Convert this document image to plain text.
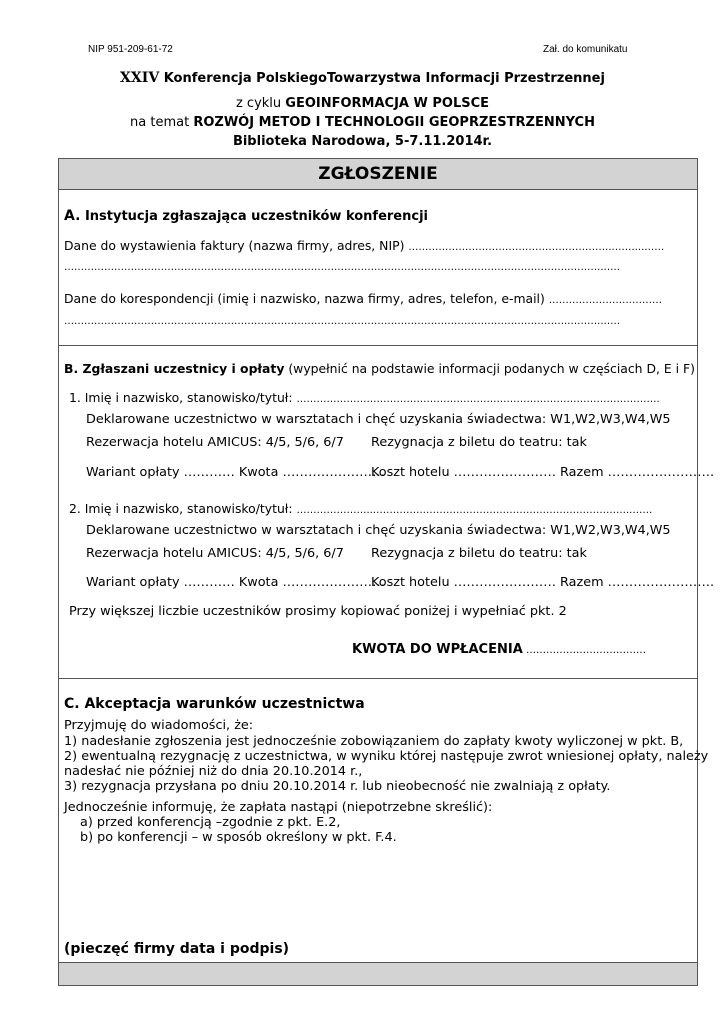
NIP 951-209-61-72	Zał. do komunikatu
XXIV Konferencja PolskiegoTowarzystwa Informacji Przestrzennej
z cyklu GEOINFORMACJA W POLSCE
na temat ROZWÓJ METOD I TECHNOLOGII GEOPRZESTRZENNYCH
Biblioteka Narodowa, 5-7.11.2014r.
ZGŁOSZENIE
A. Instytucja zgłaszająca uczestników konferencji
Dane do wystawienia faktury (nazwa firmy, adres, NIP) ……………………………………………………..……...……
…………………………………………………………………………………………………………………………………….………..…..
Dane do korespondencji (imię i nazwisko, nazwa firmy, adres, telefon, e-mail) …………………….………
…………………………………………………………………………………………………………………………………….………..…..
B. Zgłaszani uczestnicy i opłaty (wypełnić na podstawie informacji podanych w częściach D, E i F)
1. Imię i nazwisko, stanowisko/tytuł: ……………………………………………………………………………………………….
Deklarowane uczestnictwo w warsztatach i chęć uzyskania świadectwa: W1,W2,W3,W4,W5
Rezerwacja hotelu AMICUS: 4/5, 5/6, 6/7 Rezygnacja z biletu do teatru: tak
Wariant opłaty ………… Kwota ……………………
Koszt hotelu …………………… Razem …………………….
2. Imię i nazwisko, stanowisko/tytuł: …………………..…………….……………………………………………………..……
Deklarowane uczestnictwo w warsztatach i chęć uzyskania świadectwa: W1,W2,W3,W4,W5
Rezerwacja hotelu AMICUS: 4/5, 5/6, 6/7 Rezygnacja z biletu do teatru: tak
Wariant opłaty ………… Kwota ……………………
Koszt hotelu …………………… Razem …………………….
Przy większej liczbie uczestników prosimy kopiować poniżej i wypełniać pkt. 2
KWOTA DO WPŁACENIA ………………………………
C. Akceptacja warunków uczestnictwa
Przyjmuję do wiadomości, że:
1) nadesłanie zgłoszenia jest jednocześnie zobowiązaniem do zapłaty kwoty wyliczonej w pkt. B,
2) ewentualną rezygnację z uczestnictwa, w wyniku której następuje zwrot wniesionej opłaty, należy
nadesłać nie później niż do dnia 20.10.2014 r.,
3) rezygnacja przysłana po dniu 20.10.2014 r. lub nieobecność nie zwalniają z opłaty.
Jednocześnie informuję, że zapłata nastąpi (niepotrzebne skreślić):
a) przed konferencją –zgodnie z pkt. E.2,
b) po konferencji – w sposób określony w pkt. F.4.
(pieczęć firmy data i podpis)
